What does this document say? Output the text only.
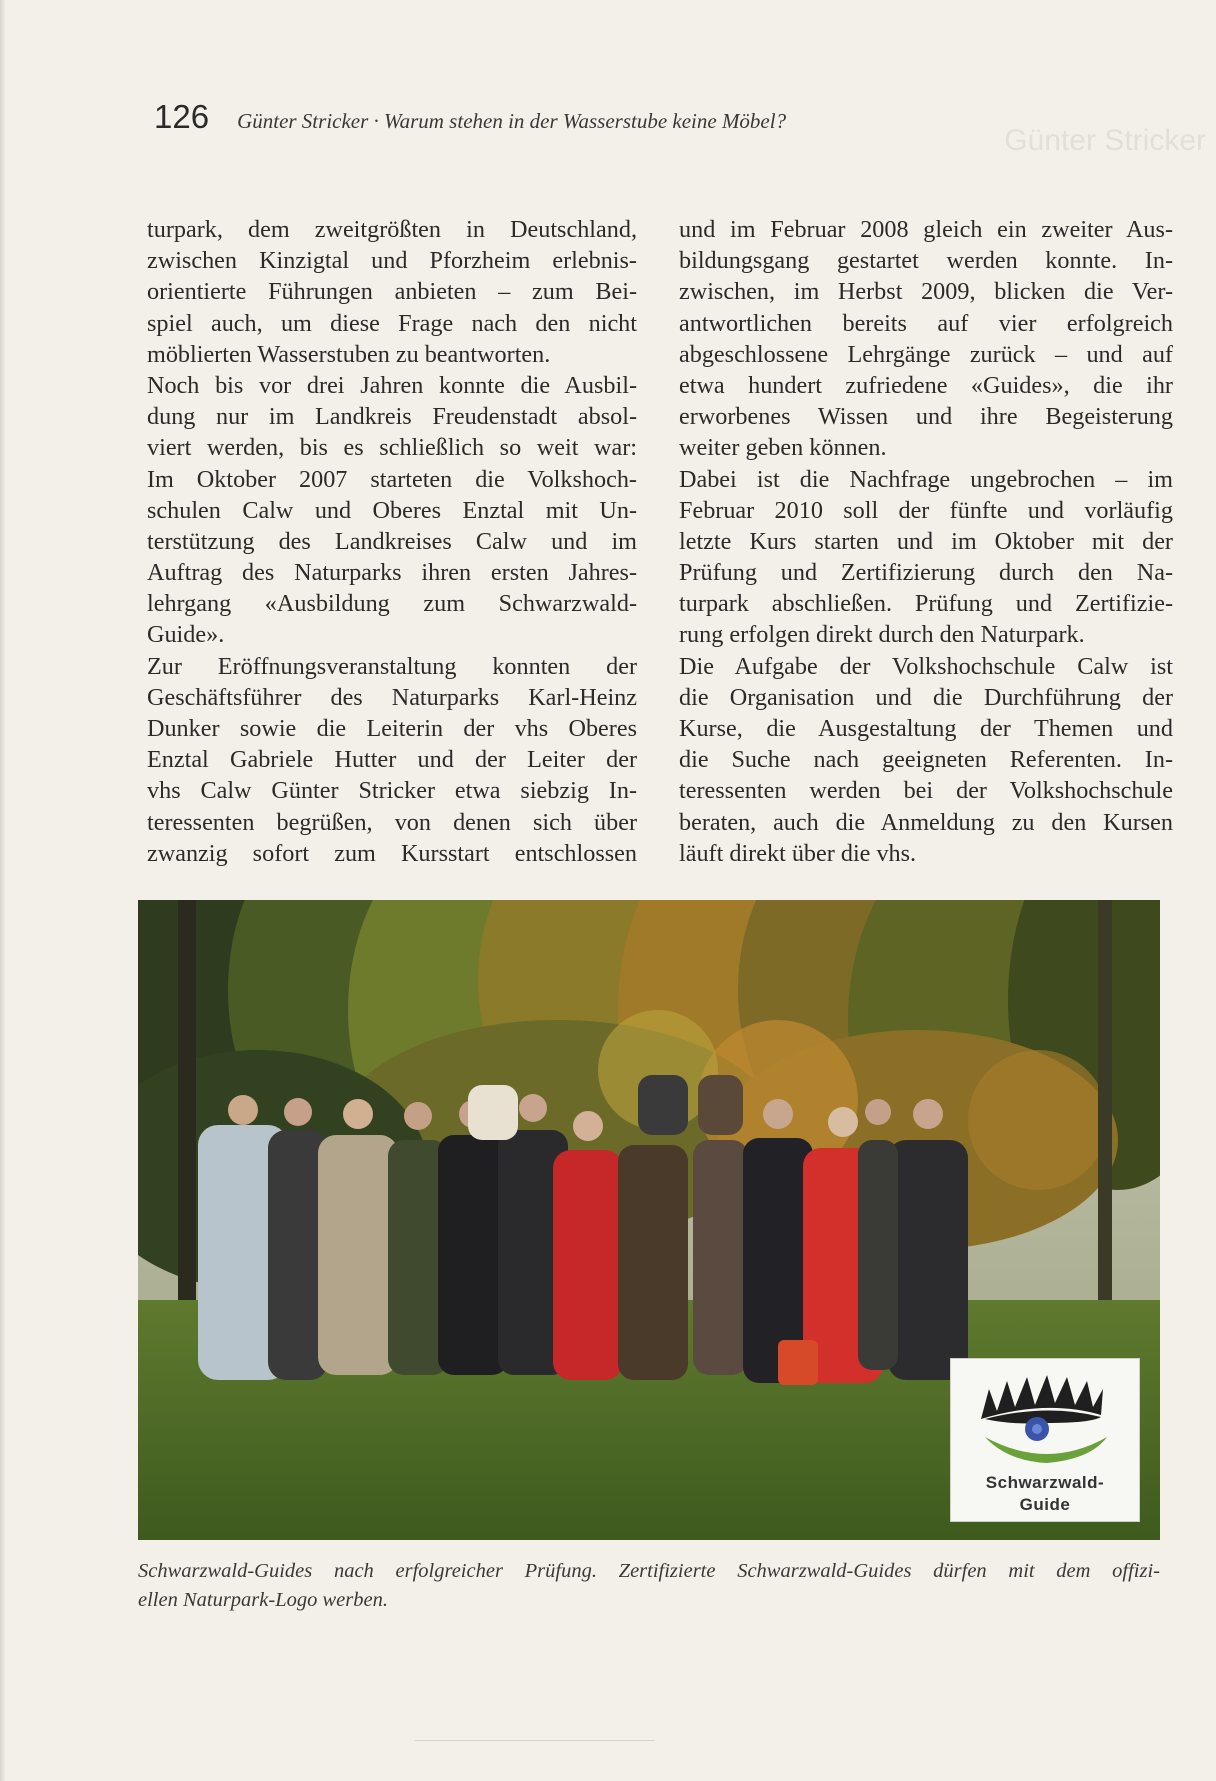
Günter Stricker
126 Günter Stricker · Warum stehen in der Wasserstube keine Möbel?
turpark, dem zweitgrößten in Deutschland,
zwischen Kinzigtal und Pforzheim erlebnis-
orientierte Führungen anbieten – zum Bei-
spiel auch, um diese Frage nach den nicht
möblierten Wasserstuben zu beantworten.
Noch bis vor drei Jahren konnte die Ausbil-
dung nur im Landkreis Freudenstadt absol-
viert werden, bis es schließlich so weit war:
Im Oktober 2007 starteten die Volkshoch-
schulen Calw und Oberes Enztal mit Un-
terstützung des Landkreises Calw und im
Auftrag des Naturparks ihren ersten Jahres-
lehrgang «Ausbildung zum Schwarzwald-
Guide».
Zur Eröffnungsveranstaltung konnten der
Geschäftsführer des Naturparks Karl-Heinz
Dunker sowie die Leiterin der vhs Oberes
Enztal Gabriele Hutter und der Leiter der
vhs Calw Günter Stricker etwa siebzig In-
teressenten begrüßen, von denen sich über
zwanzig sofort zum Kursstart entschlossen
und im Februar 2008 gleich ein zweiter Aus-
bildungsgang gestartet werden konnte. In-
zwischen, im Herbst 2009, blicken die Ver-
antwortlichen bereits auf vier erfolgreich
abgeschlossene Lehrgänge zurück – und auf
etwa hundert zufriedene «Guides», die ihr
erworbenes Wissen und ihre Begeisterung
weiter geben können.
Dabei ist die Nachfrage ungebrochen – im
Februar 2010 soll der fünfte und vorläufig
letzte Kurs starten und im Oktober mit der
Prüfung und Zertifizierung durch den Na-
turpark abschließen. Prüfung und Zertifizie-
rung erfolgen direkt durch den Naturpark.
Die Aufgabe der Volkshochschule Calw ist
die Organisation und die Durchführung der
Kurse, die Ausgestaltung der Themen und
die Suche nach geeigneten Referenten. In-
teressenten werden bei der Volkshochschule
beraten, auch die Anmeldung zu den Kursen
läuft direkt über die vhs.
Schwarzwald-
Guide
Schwarzwald-Guides nach erfolgreicher Prüfung. Zertifizierte Schwarzwald-Guides dürfen mit dem offizi-
ellen Naturpark-Logo werben.
